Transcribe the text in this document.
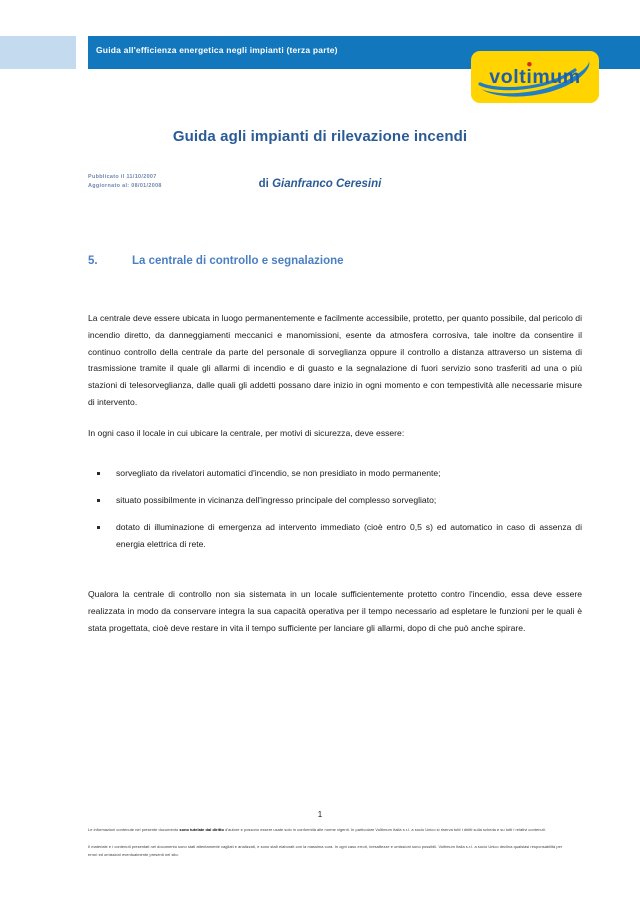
Guida all'efficienza energetica negli impianti (terza parte)
voltimum
Guida agli impianti di rilevazione incendi
Pubblicato il 11/10/2007
Aggiornato al: 08/01/2008	di Gianfranco Ceresini
5.	La centrale di controllo e segnalazione

La centrale deve essere ubicata in luogo permanentemente e facilmente accessibile, protetto, per quanto possibile, dal pericolo di incendio diretto, da danneggiamenti meccanici e manomissioni, esente da atmosfera corrosiva, tale inoltre da consentire il continuo controllo della centrale da parte del personale di sorveglianza oppure il controllo a distanza attraverso un sistema di trasmissione tramite il quale gli allarmi di incendio e di guasto e la segnalazione di fuori servizio sono trasferiti ad una o più stazioni di telesorveglianza, dalle quali gli addetti possano dare inizio in ogni momento e con tempestività alle necessarie misure di intervento.

In ogni caso il locale in cui ubicare la centrale, per motivi di sicurezza, deve essere:

sorvegliato da rivelatori automatici d'incendio, se non presidiato in modo permanente;
situato possibilmente in vicinanza dell'ingresso principale del complesso sorvegliato;
dotato di illuminazione di emergenza ad intervento immediato (cioè entro 0,5 s) ed automatico in caso di assenza di energia elettrica di rete.

Qualora la centrale di controllo non sia sistemata in un locale sufficientemente protetto contro l'incendio, essa deve essere realizzata in modo da conservare integra la sua capacità operativa per il tempo necessario ad espletare le funzioni per le quali è stata progettata, cioè deve restare in vita il tempo sufficiente per lanciare gli allarmi, dopo di che può anche spirare.

1

Le informazioni contenute nel presente documento sono tutelate dal diritto d'autore e possono essere usate solo in conformità alle norme vigenti. In particolare Voltimum Italia s.r.l. a socio Unico si riserva tutti i diritti sulla scheda e su tutti i relativi contenuti.

Il materiale e i contenuti presentati nel documento sono stati attentamente vagliati e analizzati, e sono stati elaborati con la massima cura. In ogni caso errori, inesattezze e omissioni sono possibili. Voltimum Italia s.r.l. a socio Unico declina qualsiasi responsabilità per errori ed omissioni eventualmente presenti nel sito.
